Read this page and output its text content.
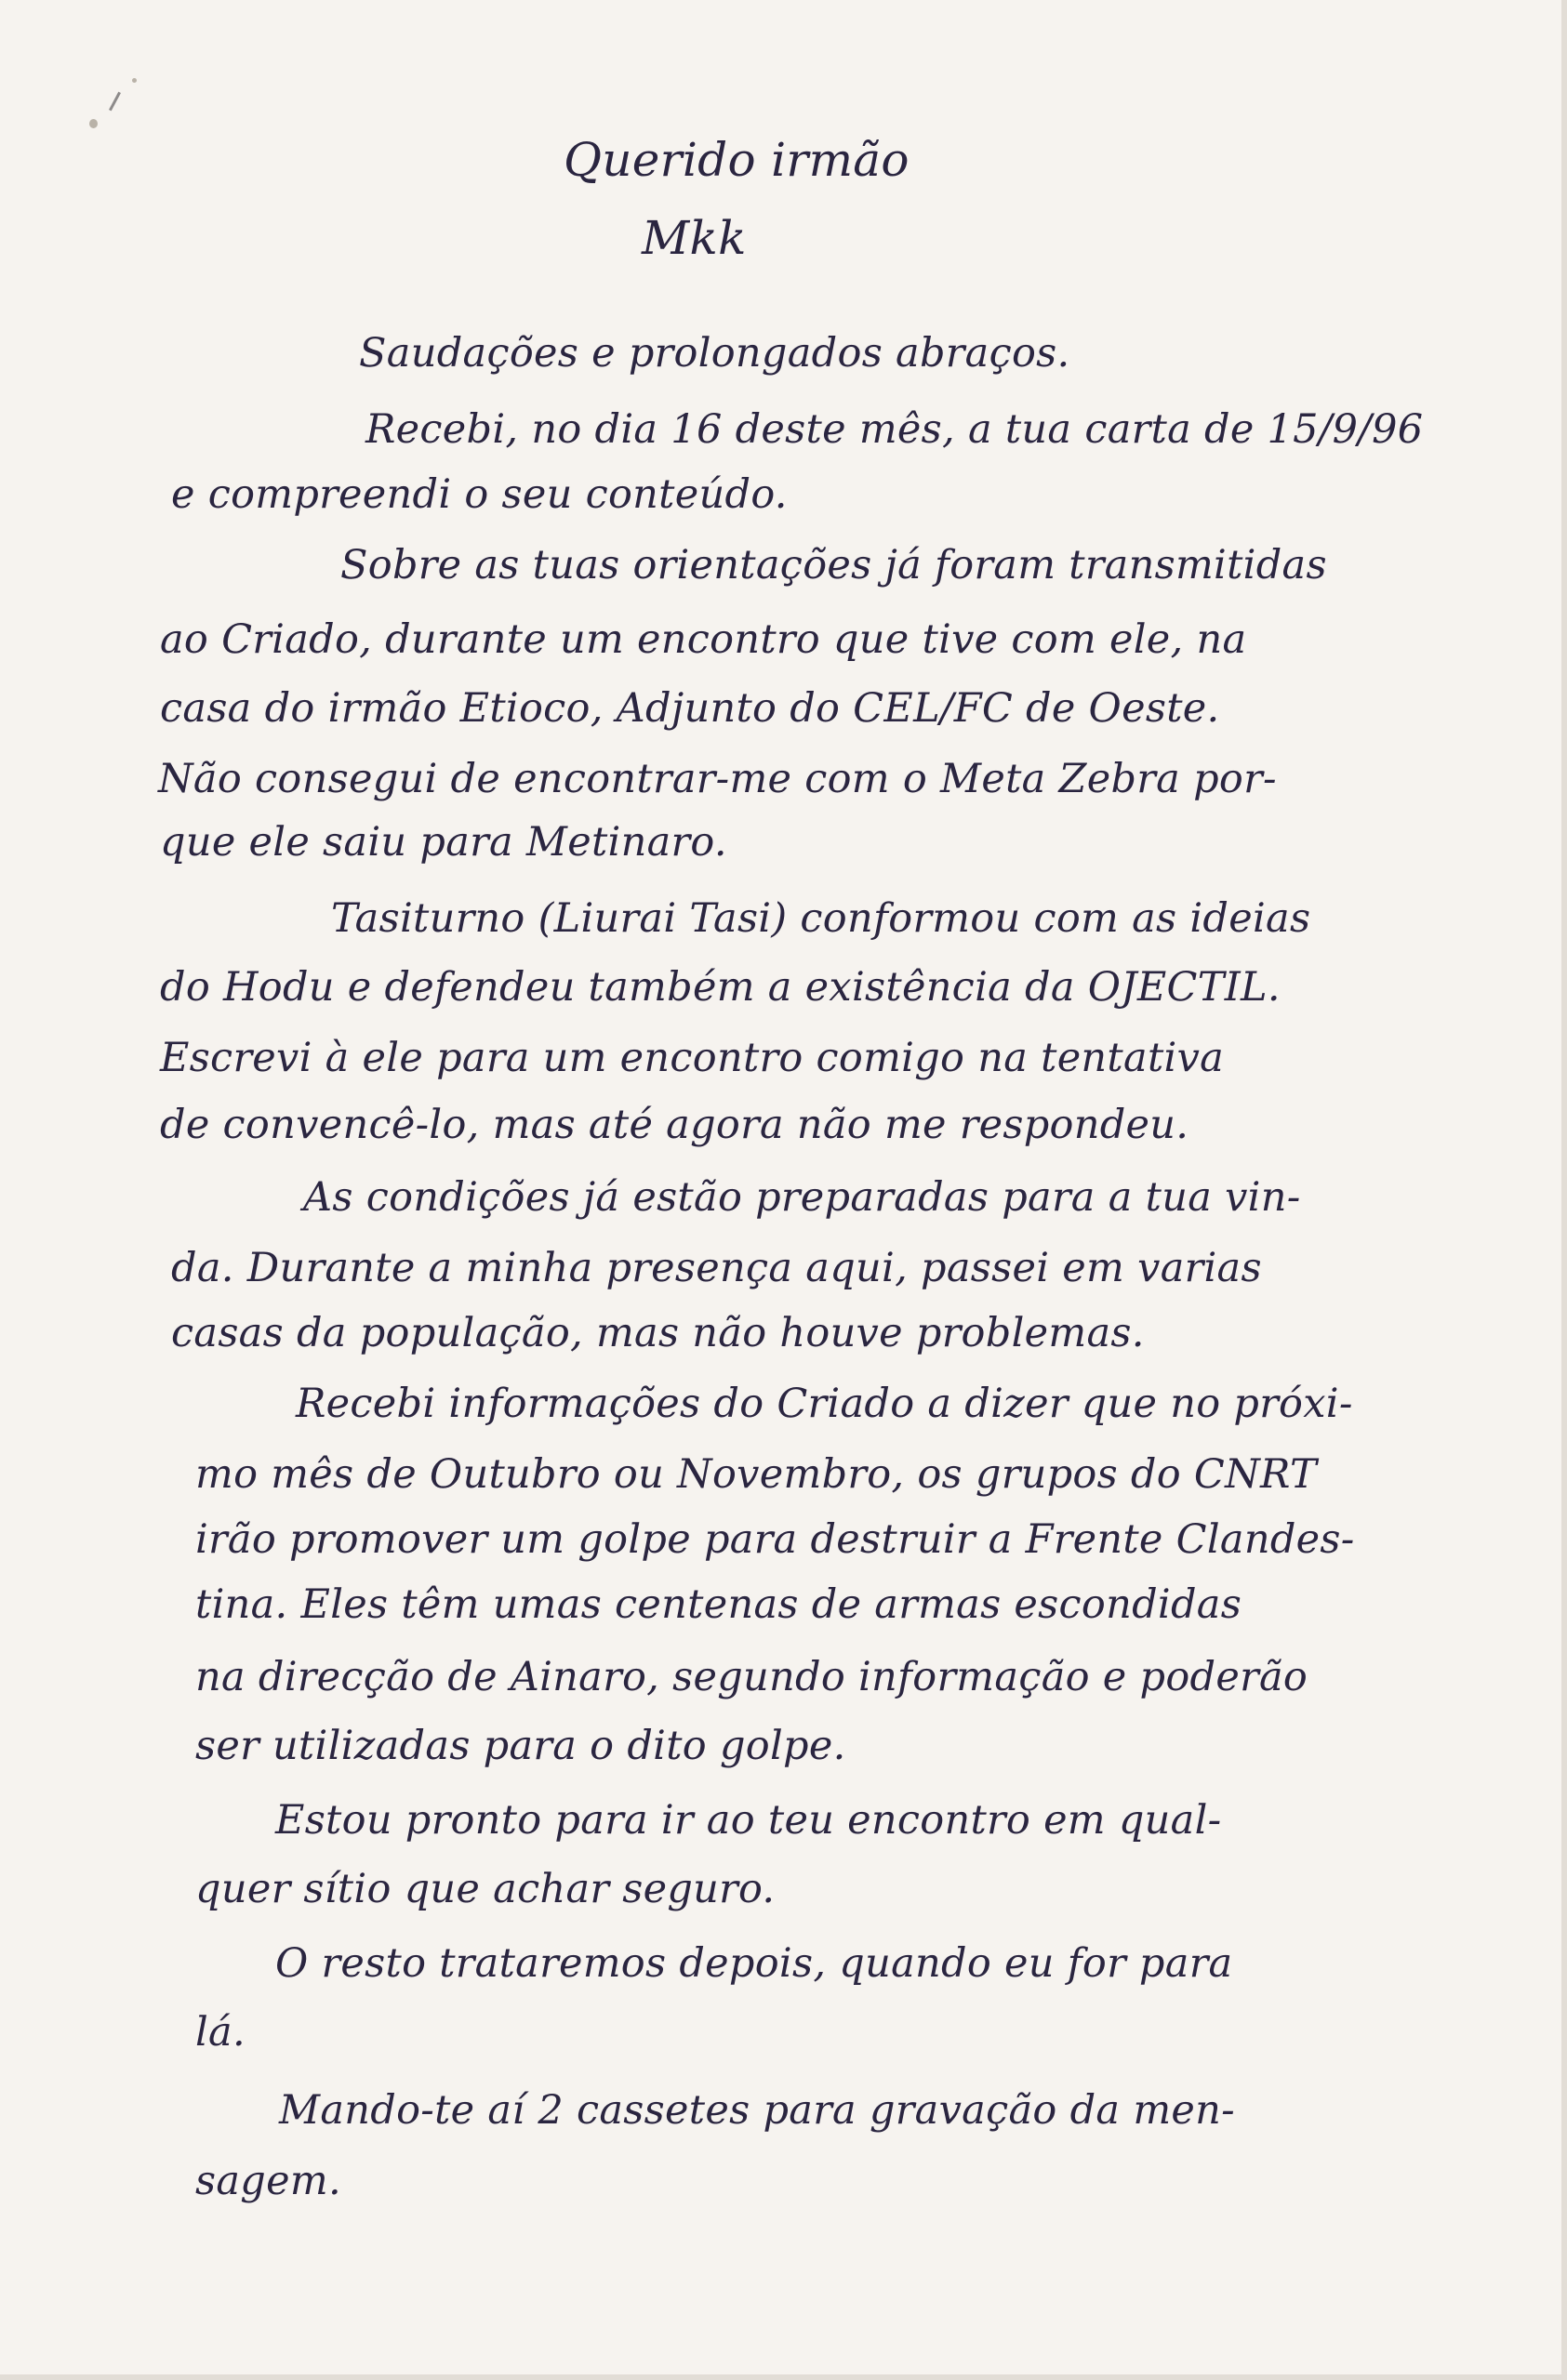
Querido irmão

Mkk

Saudações e prolongados abraços.

Recebi, no dia 16 deste mês, a tua carta de 15/9/96

e compreendi o seu conteúdo.

Sobre as tuas orientações já foram transmitidas

ao Criado, durante um encontro que tive com ele, na

casa do irmão Etioco, Adjunto do CEL/FC de Oeste.

Não consegui de encontrar-me com o Meta Zebra por-

que ele saiu para Metinaro.

Tasiturno (Liurai Tasi) conformou com as ideias

do Hodu e defendeu também a existência da OJECTIL.

Escrevi à ele para um encontro comigo na tentativa

de convencê-lo, mas até agora não me respondeu.

As condições já estão preparadas para a tua vin-

da. Durante a minha presença aqui, passei em varias

casas da população, mas não houve problemas.

Recebi informações do Criado a dizer que no próxi-

mo mês de Outubro ou Novembro, os grupos do CNRT

irão promover um golpe para destruir a Frente Clandes-

tina. Eles têm umas centenas de armas escondidas

na direcção de Ainaro, segundo informação e poderão

ser utilizadas para o dito golpe.

Estou pronto para ir ao teu encontro em qual-

quer sítio que achar seguro.

O resto trataremos depois, quando eu for para

lá.

Mando-te aí 2 cassetes para gravação da men-

sagem.
